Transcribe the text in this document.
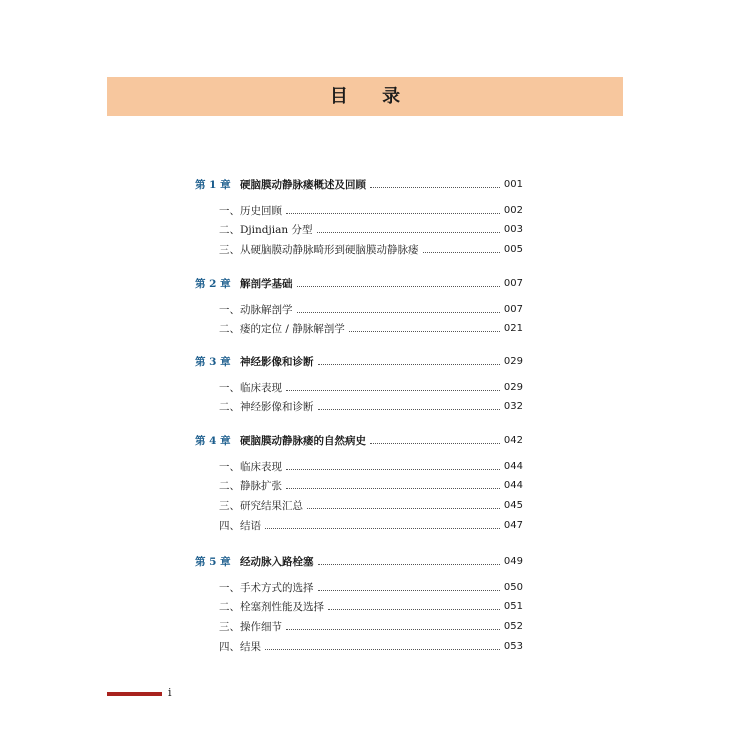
目 录
第 1 章 硬脑膜动静脉瘘概述及回顾	001
一、历史回顾	002
二、Djindjian 分型	003
三、从硬脑膜动静脉畸形到硬脑膜动静脉瘘	005
第 2 章 解剖学基础	007
一、动脉解剖学	007
二、瘘的定位 / 静脉解剖学	021
第 3 章 神经影像和诊断	029
一、临床表现	029
二、神经影像和诊断	032
第 4 章 硬脑膜动静脉瘘的自然病史	042
一、临床表现	044
二、静脉扩张	044
三、研究结果汇总	045
四、结语	047
第 5 章 经动脉入路栓塞	049
一、手术方式的选择	050
二、栓塞剂性能及选择	051
三、操作细节	052
四、结果	053
i
